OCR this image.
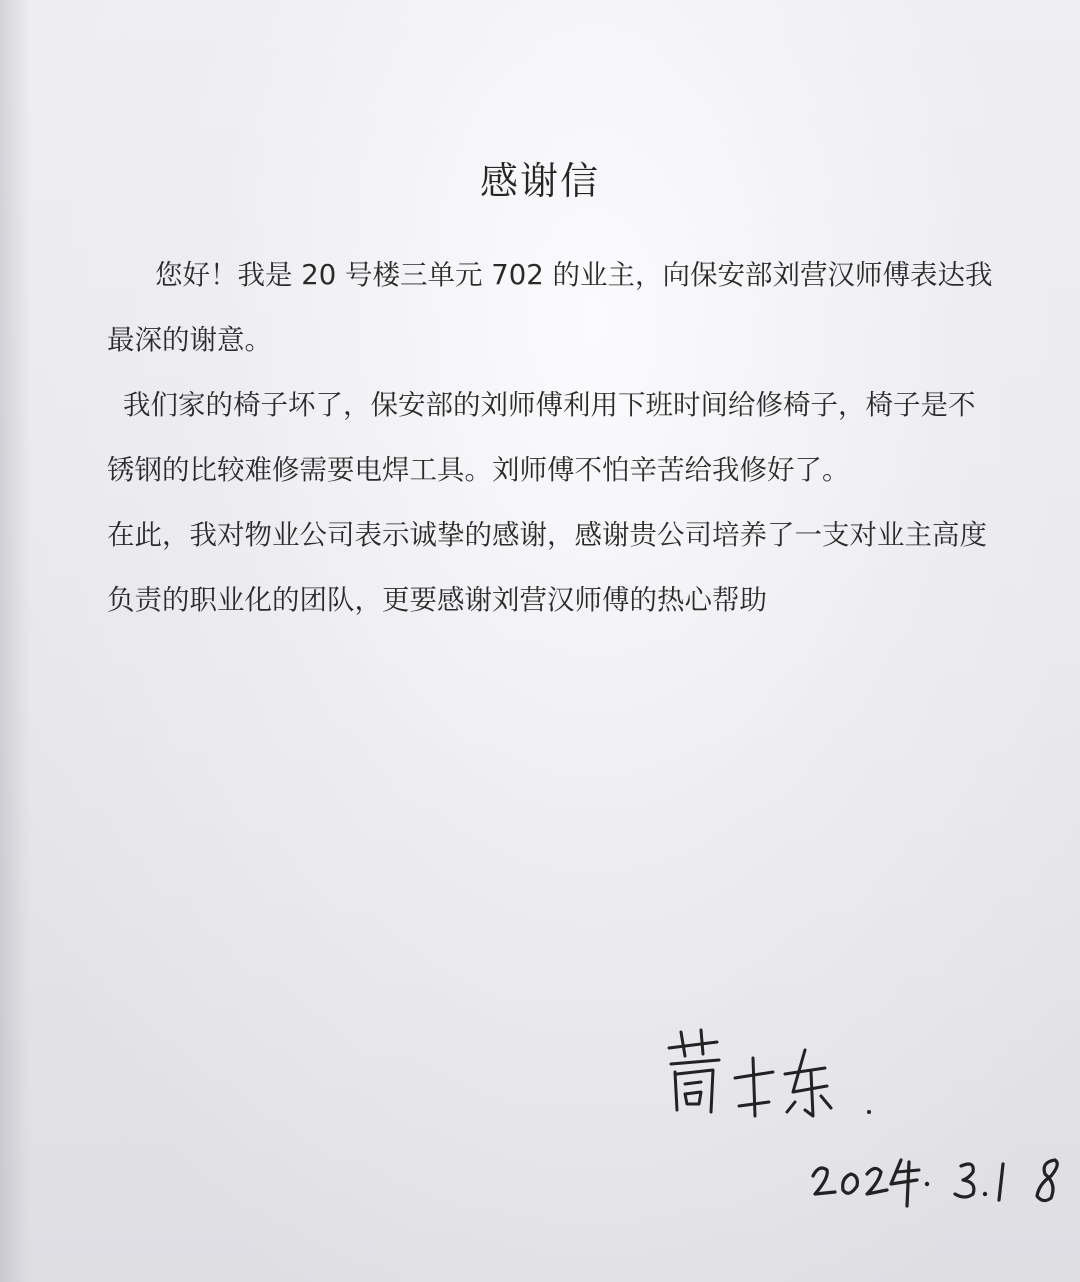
感谢信

您好！我是 20 号楼三单元 702 的业主，向保安部刘营汉师傅表达我最深的谢意。

我们家的椅子坏了，保安部的刘师傅利用下班时间给修椅子，椅子是不锈钢的比较难修需要电焊工具。刘师傅不怕辛苦给我修好了。

在此，我对物业公司表示诚挚的感谢，感谢贵公司培养了一支对业主高度负责的职业化的团队，更要感谢刘营汉师傅的热心帮助
